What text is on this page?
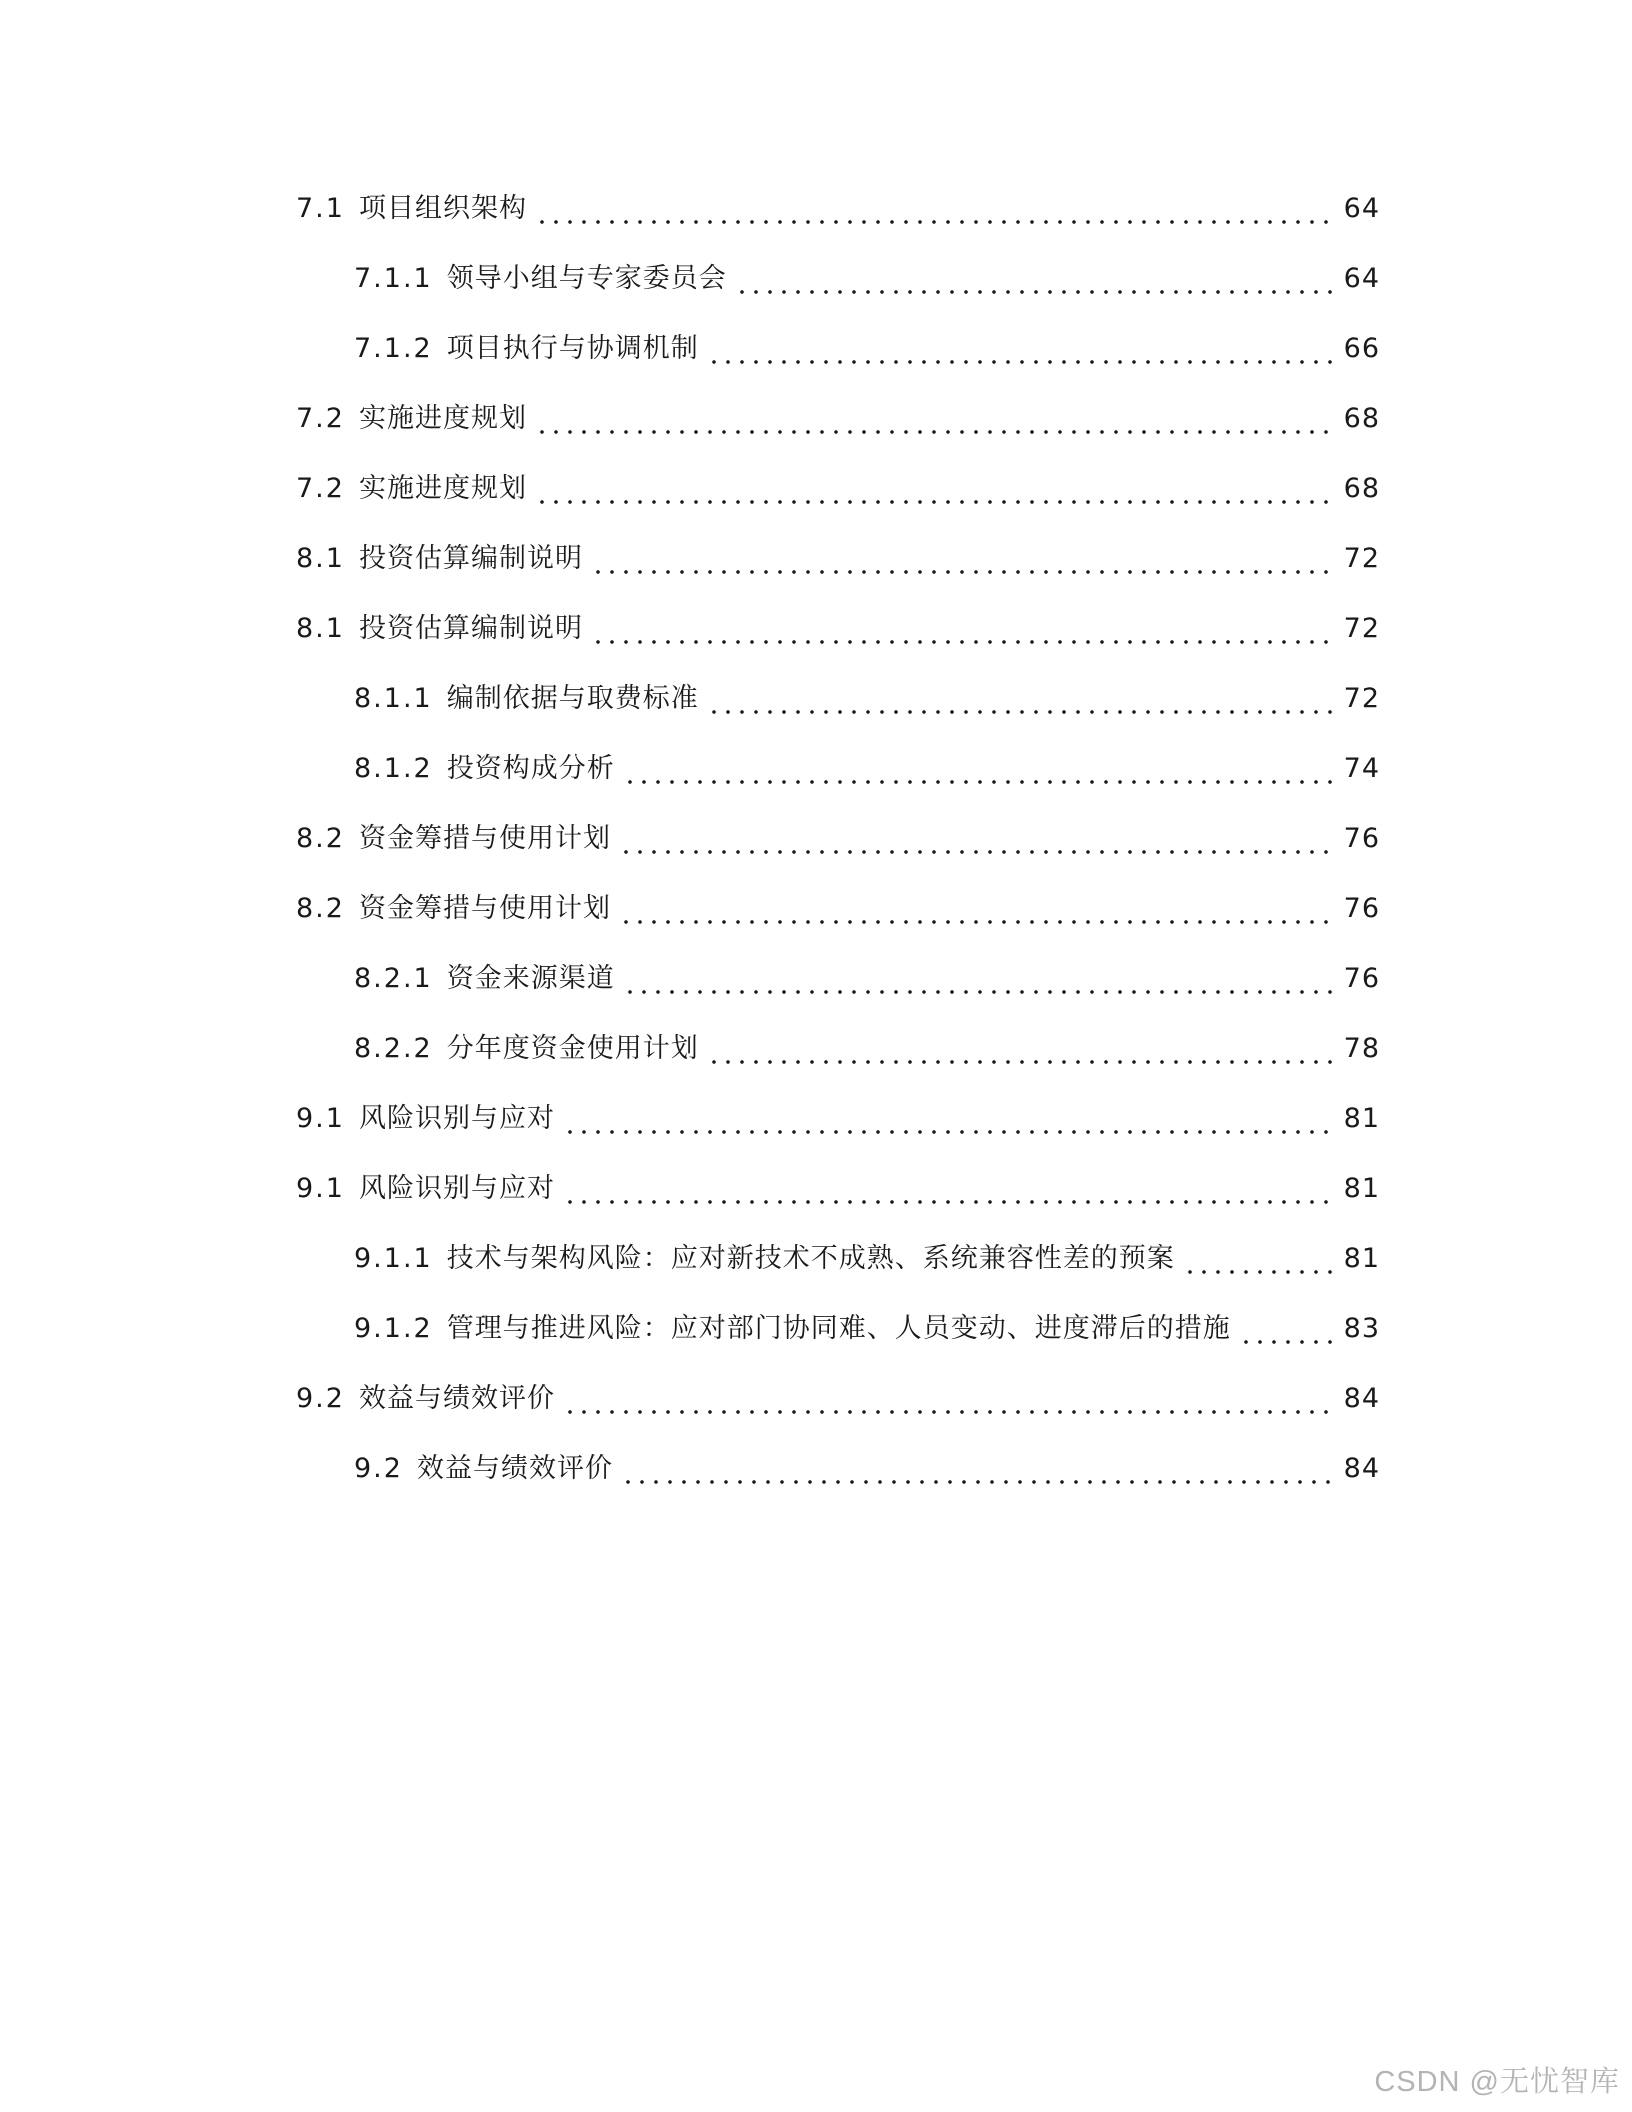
7.1 项目组织架构	64
7.1.1 领导小组与专家委员会	64
7.1.2 项目执行与协调机制	66
7.2 实施进度规划	68
7.2 实施进度规划	68
8.1 投资估算编制说明	72
8.1 投资估算编制说明	72
8.1.1 编制依据与取费标准	72
8.1.2 投资构成分析	74
8.2 资金筹措与使用计划	76
8.2 资金筹措与使用计划	76
8.2.1 资金来源渠道	76
8.2.2 分年度资金使用计划	78
9.1 风险识别与应对	81
9.1 风险识别与应对	81
9.1.1 技术与架构风险：应对新技术不成熟、系统兼容性差的预案	81
9.1.2 管理与推进风险：应对部门协同难、人员变动、进度滞后的措施	83
9.2 效益与绩效评价	84
9.2 效益与绩效评价	84
CSDN @无忧智库
